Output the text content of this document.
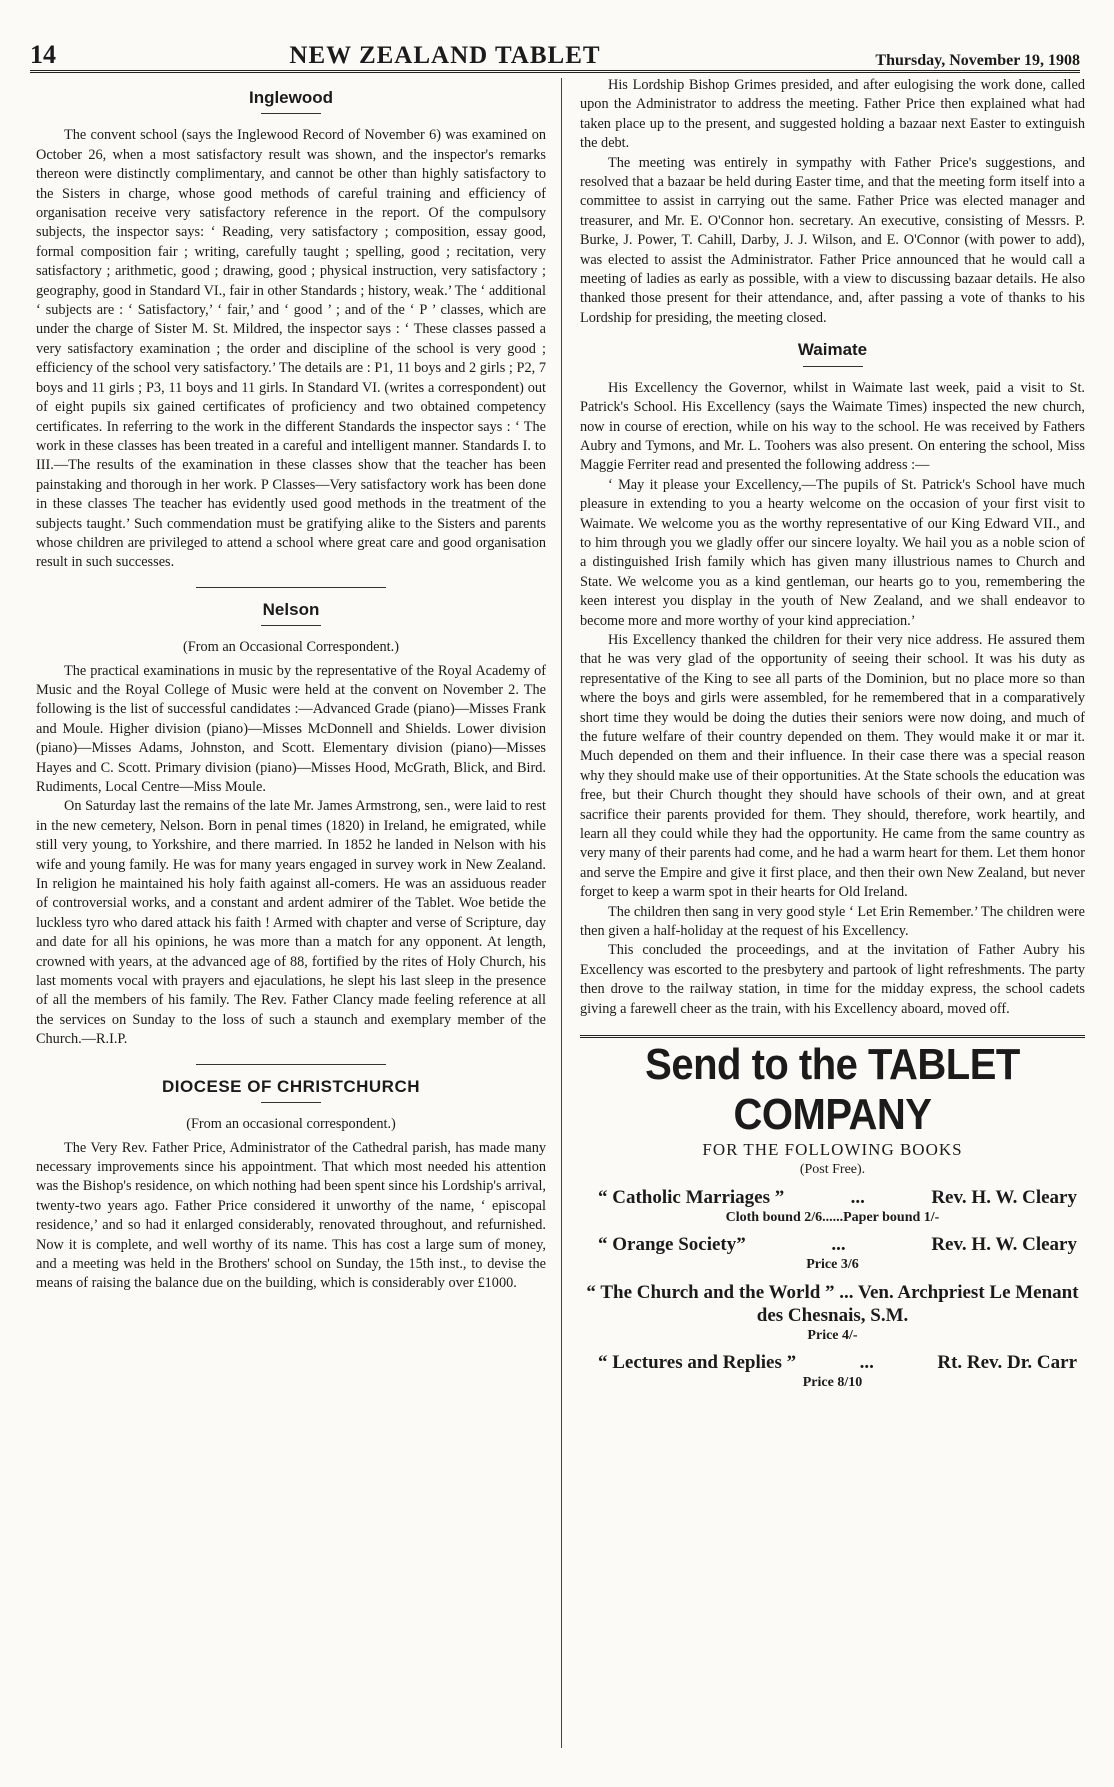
14	NEW ZEALAND TABLET	Thursday, November 19, 1908
Inglewood

The convent school (says the Inglewood Record of November 6) was examined on October 26, when a most satisfactory result was shown, and the inspector's remarks thereon were distinctly complimentary, and cannot be other than highly satisfactory to the Sisters in charge, whose good methods of careful training and efficiency of organisation receive very satisfactory reference in the report. Of the compulsory subjects, the inspector says: ‘ Reading, very satisfactory ; composition, essay good, formal composition fair ; writing, carefully taught ; spelling, good ; recitation, very satisfactory ; arithmetic, good ; drawing, good ; physical instruction, very satisfactory ; geography, good in Standard VI., fair in other Standards ; history, weak.’ The ‘ additional ‘ subjects are : ‘ Satisfactory,’ ‘ fair,’ and ‘ good ’ ; and of the ‘ P ’ classes, which are under the charge of Sister M. St. Mildred, the inspector says : ‘ These classes passed a very satisfactory examination ; the order and discipline of the school is very good ; efficiency of the school very satisfactory.’ The details are : P1, 11 boys and 2 girls ; P2, 7 boys and 11 girls ; P3, 11 boys and 11 girls. In Standard VI. (writes a correspondent) out of eight pupils six gained certificates of proficiency and two obtained competency certificates. In referring to the work in the different Standards the inspector says : ‘ The work in these classes has been treated in a careful and intelligent manner. Standards I. to III.—The results of the examination in these classes show that the teacher has been painstaking and thorough in her work. P Classes—Very satisfactory work has been done in these classes The teacher has evidently used good methods in the treatment of the subjects taught.’ Such commendation must be gratifying alike to the Sisters and parents whose children are privileged to attend a school where great care and good organisation result in such successes.

Nelson
(From an Occasional Correspondent.)

The practical examinations in music by the representative of the Royal Academy of Music and the Royal College of Music were held at the convent on November 2. The following is the list of successful candidates :—Advanced Grade (piano)—Misses Frank and Moule. Higher division (piano)—Misses McDonnell and Shields. Lower division (piano)—Misses Adams, Johnston, and Scott. Elementary division (piano)—Misses Hayes and C. Scott. Primary division (piano)—Misses Hood, McGrath, Blick, and Bird. Rudiments, Local Centre—Miss Moule.

On Saturday last the remains of the late Mr. James Armstrong, sen., were laid to rest in the new cemetery, Nelson. Born in penal times (1820) in Ireland, he emigrated, while still very young, to Yorkshire, and there married. In 1852 he landed in Nelson with his wife and young family. He was for many years engaged in survey work in New Zealand. In religion he maintained his holy faith against all-comers. He was an assiduous reader of controversial works, and a constant and ardent admirer of the Tablet. Woe betide the luckless tyro who dared attack his faith ! Armed with chapter and verse of Scripture, day and date for all his opinions, he was more than a match for any opponent. At length, crowned with years, at the advanced age of 88, fortified by the rites of Holy Church, his last moments vocal with prayers and ejaculations, he slept his last sleep in the presence of all the members of his family. The Rev. Father Clancy made feeling reference at all the services on Sunday to the loss of such a staunch and exemplary member of the Church.—R.I.P.

DIOCESE OF CHRISTCHURCH
(From an occasional correspondent.)

The Very Rev. Father Price, Administrator of the Cathedral parish, has made many necessary improvements since his appointment. That which most needed his attention was the Bishop's residence, on which nothing had been spent since his Lordship's arrival, twenty-two years ago. Father Price considered it unworthy of the name, ‘ episcopal residence,’ and so had it enlarged considerably, renovated throughout, and refurnished. Now it is complete, and well worthy of its name. This has cost a large sum of money, and a meeting was held in the Brothers' school on Sunday, the 15th inst., to devise the means of raising the balance due on the building, which is considerably over £1000.

His Lordship Bishop Grimes presided, and after eulogising the work done, called upon the Administrator to address the meeting. Father Price then explained what had taken place up to the present, and suggested holding a bazaar next Easter to extinguish the debt.

The meeting was entirely in sympathy with Father Price's suggestions, and resolved that a bazaar be held during Easter time, and that the meeting form itself into a committee to assist in carrying out the same. Father Price was elected manager and treasurer, and Mr. E. O'Connor hon. secretary. An executive, consisting of Messrs. P. Burke, J. Power, T. Cahill, Darby, J. J. Wilson, and E. O'Connor (with power to add), was elected to assist the Administrator. Father Price announced that he would call a meeting of ladies as early as possible, with a view to discussing bazaar details. He also thanked those present for their attendance, and, after passing a vote of thanks to his Lordship for presiding, the meeting closed.

Waimate

His Excellency the Governor, whilst in Waimate last week, paid a visit to St. Patrick's School. His Excellency (says the Waimate Times) inspected the new church, now in course of erection, while on his way to the school. He was received by Fathers Aubry and Tymons, and Mr. L. Toohers was also present. On entering the school, Miss Maggie Ferriter read and presented the following address :—

‘ May it please your Excellency,—The pupils of St. Patrick's School have much pleasure in extending to you a hearty welcome on the occasion of your first visit to Waimate. We welcome you as the worthy representative of our King Edward VII., and to him through you we gladly offer our sincere loyalty. We hail you as a noble scion of a distinguished Irish family which has given many illustrious names to Church and State. We welcome you as a kind gentleman, our hearts go to you, remembering the keen interest you display in the youth of New Zealand, and we shall endeavor to become more and more worthy of your kind appreciation.’

His Excellency thanked the children for their very nice address. He assured them that he was very glad of the opportunity of seeing their school. It was his duty as representative of the King to see all parts of the Dominion, but no place more so than where the boys and girls were assembled, for he remembered that in a comparatively short time they would be doing the duties their seniors were now doing, and much of the future welfare of their country depended on them. They would make it or mar it. Much depended on them and their influence. In their case there was a special reason why they should make use of their opportunities. At the State schools the education was free, but their Church thought they should have schools of their own, and at great sacrifice their parents provided for them. They should, therefore, work heartily, and learn all they could while they had the opportunity. He came from the same country as very many of their parents had come, and he had a warm heart for them. Let them honor and serve the Empire and give it first place, and then their own New Zealand, but never forget to keep a warm spot in their hearts for Old Ireland.

The children then sang in very good style ‘ Let Erin Remember.’ The children were then given a half-holiday at the request of his Excellency.

This concluded the proceedings, and at the invitation of Father Aubry his Excellency was escorted to the presbytery and partook of light refreshments. The party then drove to the railway station, in time for the midday express, the school cadets giving a farewell cheer as the train, with his Excellency aboard, moved off.

Send to the TABLET COMPANY
FOR THE FOLLOWING BOOKS
(Post Free).
“ Catholic Marriages ”	...	Rev. H. W. Cleary
Cloth bound 2/6......Paper bound 1/-
“ Orange Society”	...	Rev. H. W. Cleary
Price 3/6
“ The Church and the World ” ... Ven. Archpriest Le Menant des Chesnais, S.M.
Price 4/-
“ Lectures and Replies ”	...	Rt. Rev. Dr. Carr
Price 8/10
